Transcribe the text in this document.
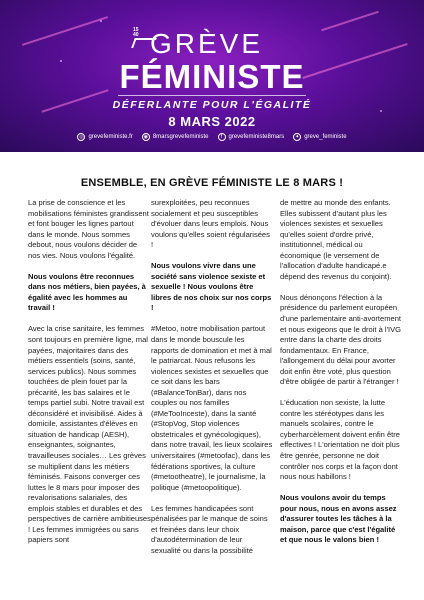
15
40 GRÈVE
FÉMINISTE
DÉFERLANTE POUR L'ÉGALITÉ
8 MARS 2022
◎ grevefeministe.fr	◉ 8marsgrevefeministe	f	grevefeministe8mars	✦ greve_feministe
ENSEMBLE, EN GRÈVE FÉMINISTE LE 8 MARS !

La prise de conscience et les mobilisations féministes grandissent et font bouger les lignes partout dans le monde. Nous sommes debout, nous voulons décider de nos vies. Nous voulons l'égalité.

Nous voulons être reconnues dans nos métiers, bien payées, à égalité avec les hommes au travail !

Avec la crise sanitaire, les femmes sont toujours en première ligne, mal payées, majoritaires dans des métiers essentiels (soins, santé, services publics). Nous sommes touchées de plein fouet par la précarité, les bas salaires et le temps partiel subi. Notre travail est déconsidéré et invisibilisé. Aides à domicile, assistantes d'élèves en situation de handicap (AESH), enseignantes, soignantes, travailleuses sociales… Les grèves se multiplient dans les métiers féminisés. Faisons converger ces luttes le 8 mars pour imposer des revalorisations salariales, des emplois stables et durables et des perspectives de carrière ambitieuses ! Les femmes immigrées ou sans papiers sont

surexploitées, peu reconnues socialement et peu susceptibles d'évoluer dans leurs emplois. Nous voulons qu'elles soient régularisées !

Nous voulons vivre dans une société sans violence sexiste et sexuelle ! Nous voulons être libres de nos choix sur nos corps !

#Metoo, notre mobilisation partout dans le monde bouscule les rapports de domination et met à mal le patriarcat. Nous refusons les violences sexistes et sexuelles que ce soit dans les bars (#BalanceTonBar), dans nos couples ou nos familles (#MeTooInceste), dans la santé (#StopVog, Stop violences obstetricales et gynécologiques), dans notre travail, les lieux scolaires universitaires (#metoofac), dans les fédérations sportives, la culture (#metootheatre), le journalisme, la politique (#metoopolitique).

Les femmes handicapées sont pénalisées par le manque de soins et freinées dans leur choix d'autodétermination de leur sexualité ou dans la possibilité

de mettre au monde des enfants. Elles subissent d'autant plus les violences sexistes et sexuelles qu'elles soient d'ordre privé, institutionnel, médical ou économique (le versement de l'allocation d'adulte handicapé.e dépend des revenus du conjoint).

Nous dénonçons l'élection à la présidence du parlement européen d'une parlementaire anti-avortement et nous exigeons que le droit à l'IVG entre dans la charte des droits fondamentaux. En France, l'allongement du délai pour avorter doit enfin être voté, plus question d'être obligée de partir à l'étranger !

L'éducation non sexiste, la lutte contre les stéréotypes dans les manuels scolaires, contre le cyberharcèlement doivent enfin être effectives ! L'orientation ne doit plus être genrée, personne ne doit contrôler nos corps et la façon dont nous nous habillons !

Nous voulons avoir du temps pour nous, nous en avons assez d'assurer toutes les tâches à la maison, parce que c'est l'égalité et que nous le valons bien !
